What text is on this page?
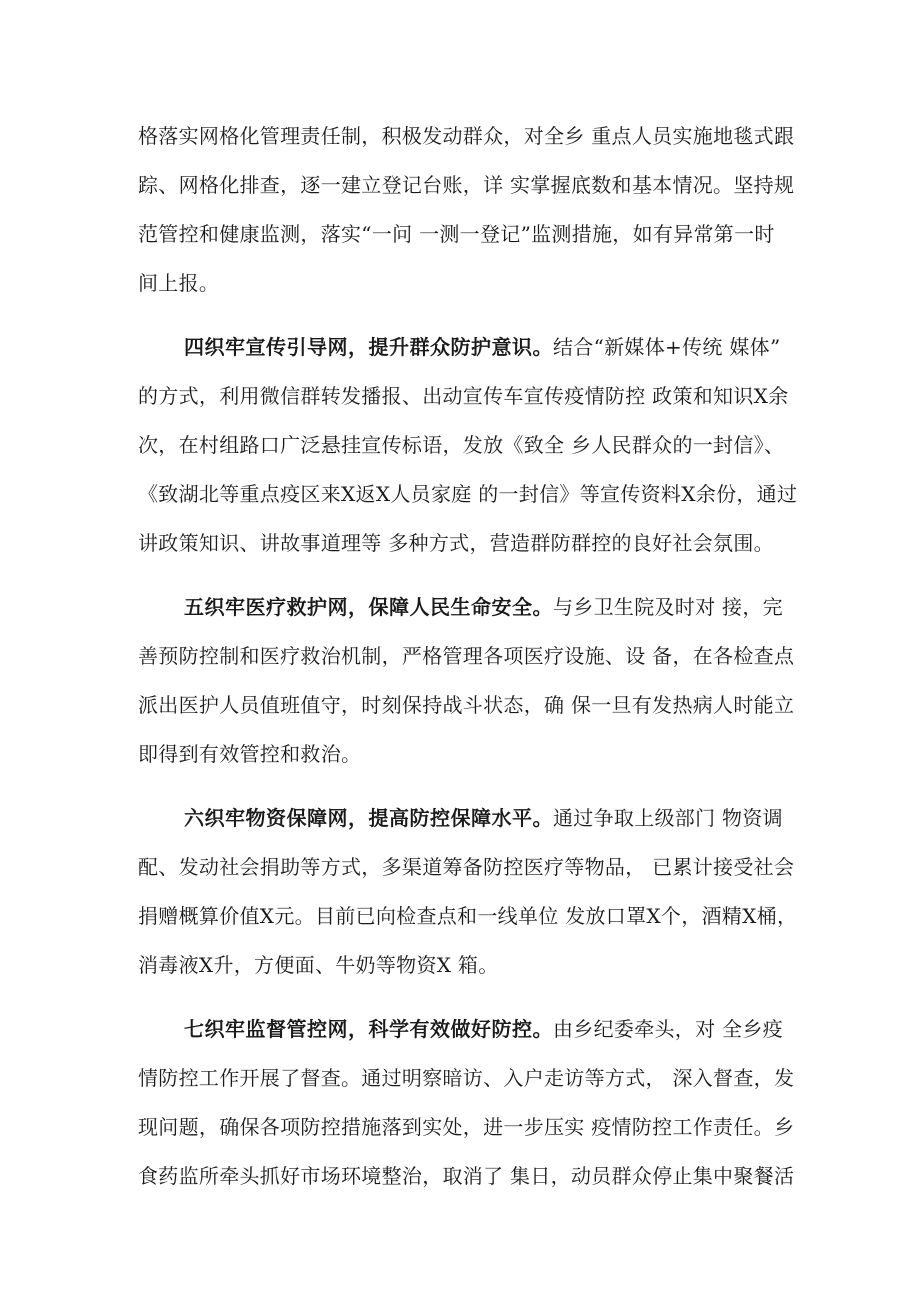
格落实网格化管理责任制，积极发动群众，对全乡 重点人员实施地毯式跟
踪、网格化排查，逐一建立登记台账，详 实掌握底数和基本情况。坚持规
范管控和健康监测，落实“一问 一测一登记”监测措施，如有异常第一时
间上报。
四织牢宣传引导网，提升群众防护意识。结合“新媒体+传统 媒体”
的方式，利用微信群转发播报、出动宣传车宣传疫情防控 政策和知识X余
次，在村组路口广泛悬挂宣传标语，发放《致全 乡人民群众的一封信》、
《致湖北等重点疫区来X返X人员家庭 的一封信》等宣传资料X余份，通过
讲政策知识、讲故事道理等 多种方式，营造群防群控的良好社会氛围。
五织牢医疗救护网，保障人民生命安全。与乡卫生院及时对 接，完
善预防控制和医疗救治机制，严格管理各项医疗设施、设 备，在各检查点
派出医护人员值班值守，时刻保持战斗状态，确 保一旦有发热病人时能立
即得到有效管控和救治。
六织牢物资保障网，提高防控保障水平。通过争取上级部门 物资调
配、发动社会捐助等方式，多渠道筹备防控医疗等物品， 已累计接受社会
捐赠概算价值X元。目前已向检查点和一线单位 发放口罩X个，酒精X桶，
消毒液X升，方便面、牛奶等物资X 箱。
七织牢监督管控网，科学有效做好防控。由乡纪委牵头，对 全乡疫
情防控工作开展了督查。通过明察暗访、入户走访等方式， 深入督查，发
现问题，确保各项防控措施落到实处，进一步压实 疫情防控工作责任。乡
食药监所牵头抓好市场环境整治，取消了 集日，动员群众停止集中聚餐活
